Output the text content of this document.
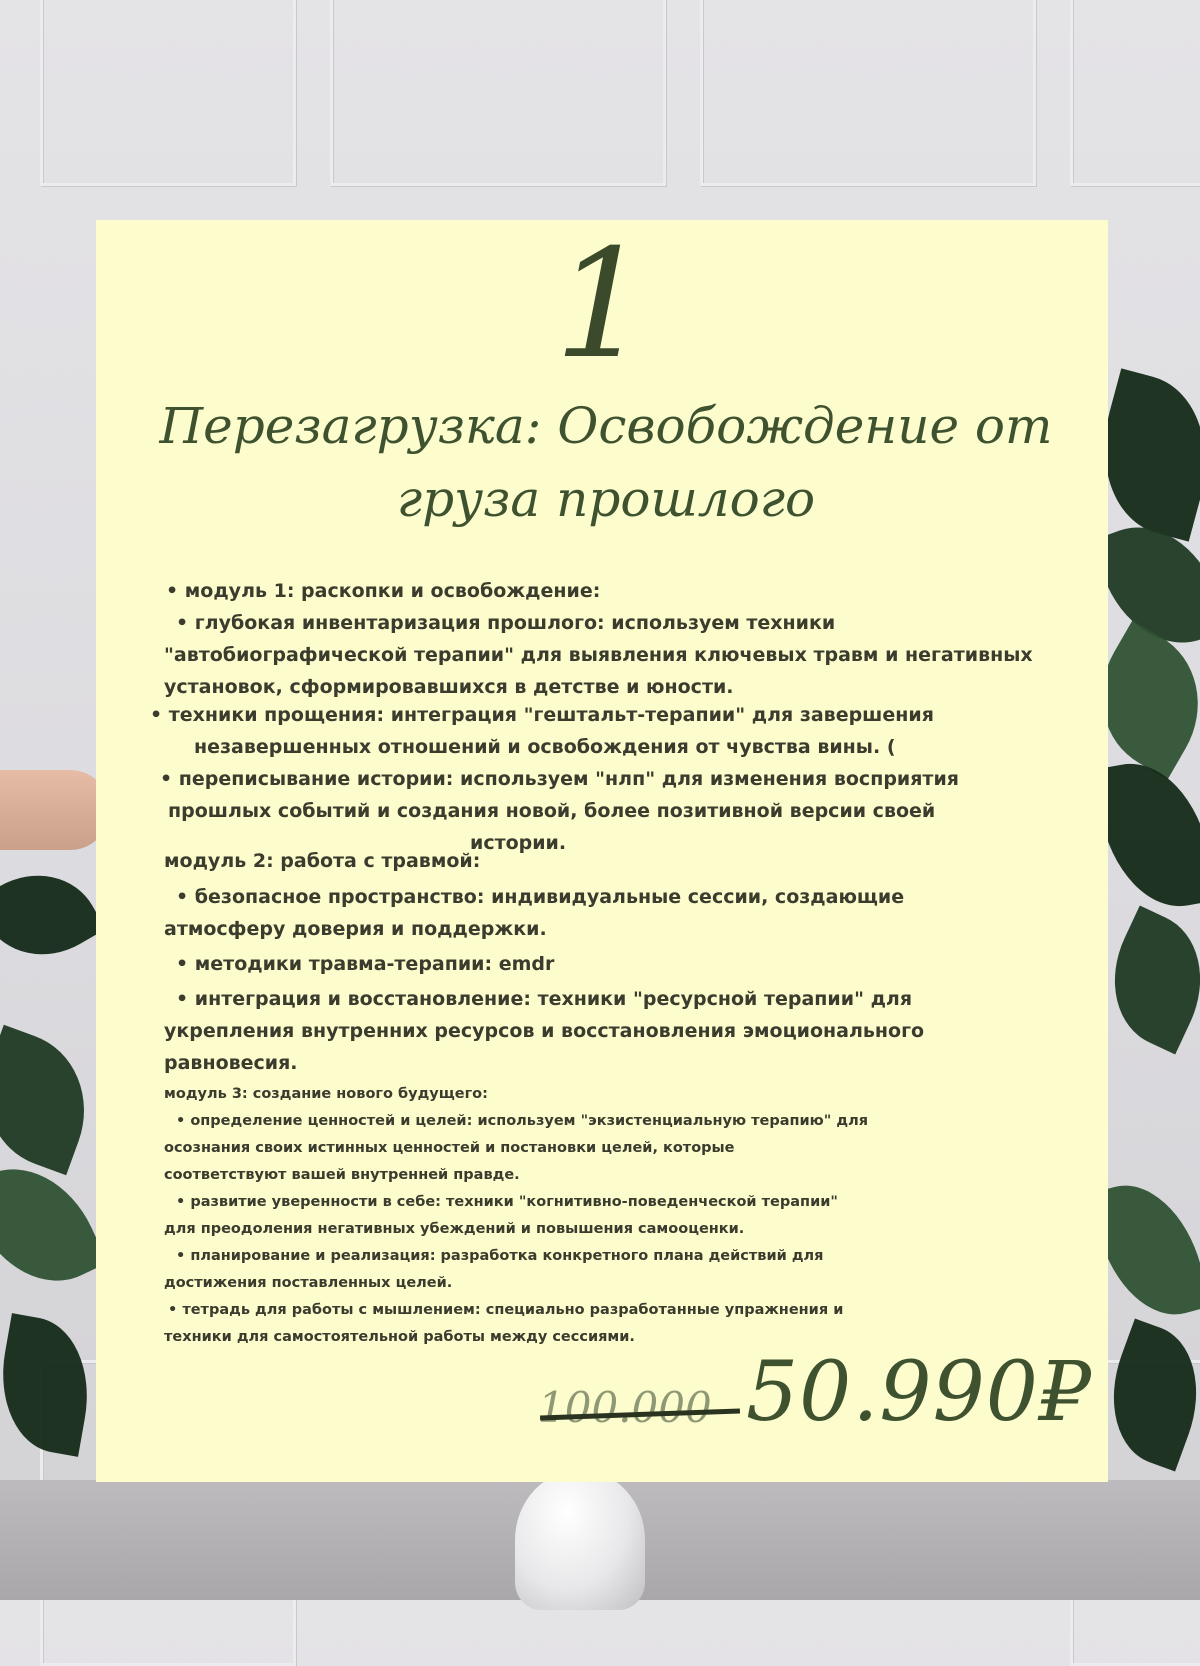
1
Перезагрузка: Освобождение от груза прошлого
• модуль 1: раскопки и освобождение:
• глубокая инвентаризация прошлого: используем техники
"автобиографической терапии" для выявления ключевых травм и негативных
установок, сформировавшихся в детстве и юности.
• техники прощения: интеграция "гештальт-терапии" для завершения
незавершенных отношений и освобождения от чувства вины. (
• переписывание истории: используем "нлп" для изменения восприятия
прошлых событий и создания новой, более позитивной версии своей
истории.
модуль 2: работа с травмой:
• безопасное пространство: индивидуальные сессии, создающие
атмосферу доверия и поддержки.
• методики травма-терапии: emdr
• интеграция и восстановление: техники "ресурсной терапии" для
укрепления внутренних ресурсов и восстановления эмоционального
равновесия.
модуль 3: создание нового будущего:
• определение ценностей и целей: используем "экзистенциальную терапию" для
осознания своих истинных ценностей и постановки целей, которые
соответствуют вашей внутренней правде.
• развитие уверенности в себе: техники "когнитивно-поведенческой терапии"
для преодоления негативных убеждений и повышения самооценки.
• планирование и реализация: разработка конкретного плана действий для
достижения поставленных целей.
• тетрадь для работы с мышлением: специально разработанные упражнения и
техники для самостоятельной работы между сессиями.
100.000 50.990₽
